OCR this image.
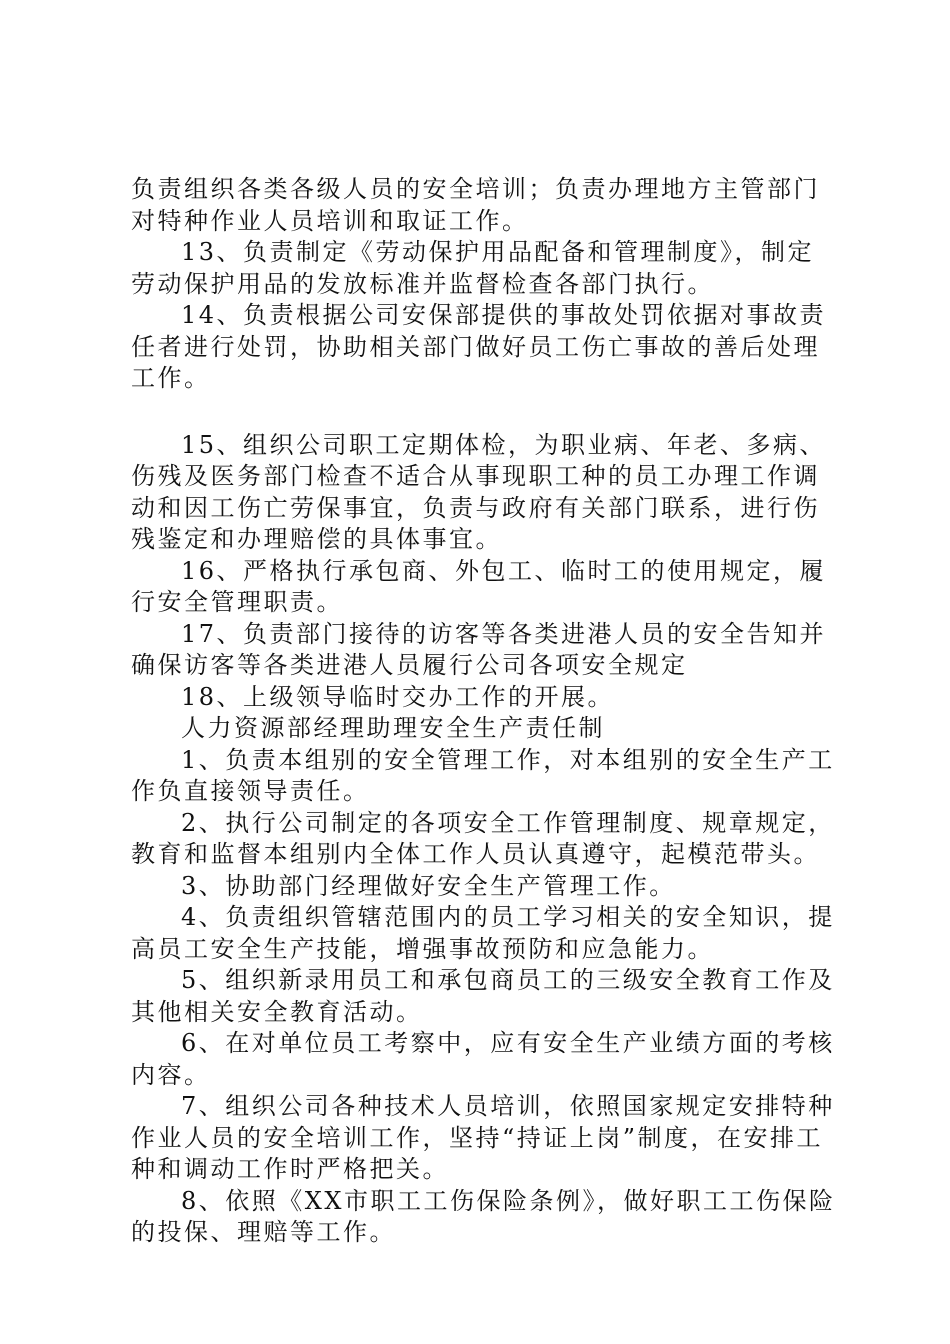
负责组织各类各级人员的安全培训；负责办理地方主管部门对特种作业人员培训和取证工作。

13、负责制定《劳动保护用品配备和管理制度》，制定劳动保护用品的发放标准并监督检查各部门执行。

14、负责根据公司安保部提供的事故处罚依据对事故责任者进行处罚，协助相关部门做好员工伤亡事故的善后处理工作。

15、组织公司职工定期体检，为职业病、年老、多病、伤残及医务部门检查不适合从事现职工种的员工办理工作调动和因工伤亡劳保事宜，负责与政府有关部门联系，进行伤残鉴定和办理赔偿的具体事宜。

16、严格执行承包商、外包工、临时工的使用规定，履行安全管理职责。

17、负责部门接待的访客等各类进港人员的安全告知并确保访客等各类进港人员履行公司各项安全规定

18、上级领导临时交办工作的开展。

人力资源部经理助理安全生产责任制

1、负责本组别的安全管理工作，对本组别的安全生产工作负直接领导责任。

2、执行公司制定的各项安全工作管理制度、规章规定，教育和监督本组别内全体工作人员认真遵守，起模范带头。

3、协助部门经理做好安全生产管理工作。

4、负责组织管辖范围内的员工学习相关的安全知识，提高员工安全生产技能，增强事故预防和应急能力。

5、组织新录用员工和承包商员工的三级安全教育工作及其他相关安全教育活动。

6、在对单位员工考察中，应有安全生产业绩方面的考核内容。

7、组织公司各种技术人员培训，依照国家规定安排特种作业人员的安全培训工作，坚持“持证上岗”制度，在安排工种和调动工作时严格把关。

8、依照《XX市职工工伤保险条例》，做好职工工伤保险的投保、理赔等工作。
